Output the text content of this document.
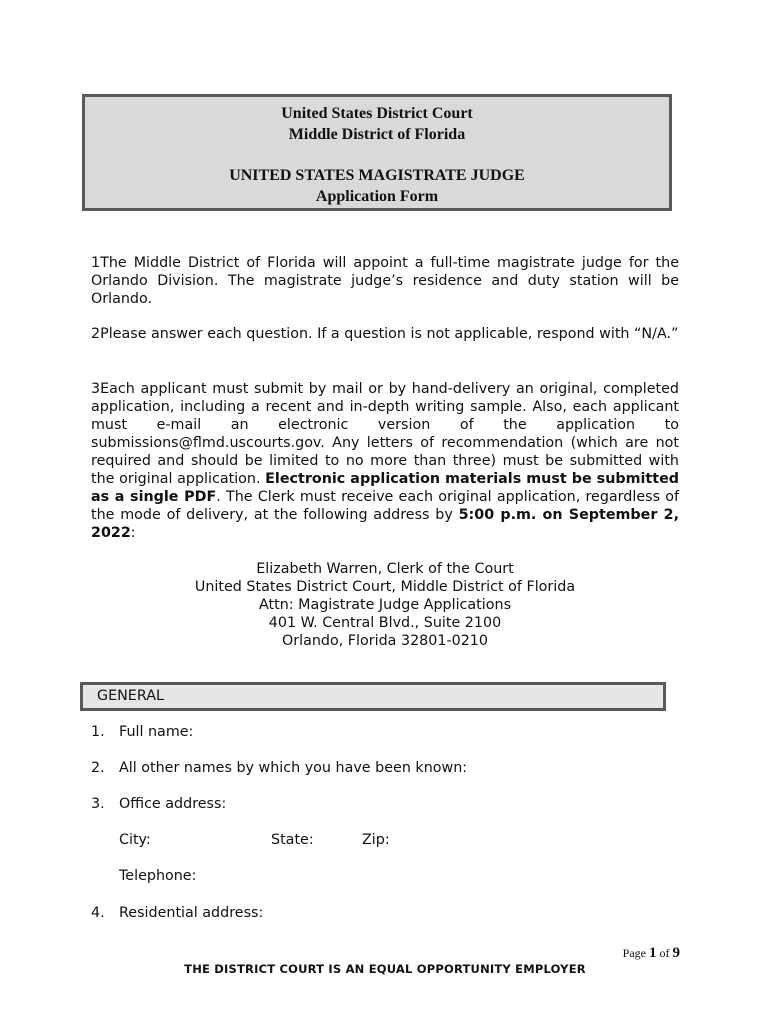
United States District Court
Middle District of Florida
UNITED STATES MAGISTRATE JUDGE
Application Form
1The Middle District of Florida will appoint a full-time magistrate judge for the Orlando Division. The magistrate judge’s residence and duty station will be Orlando.
2Please answer each question. If a question is not applicable, respond with “N/A.”
3Each applicant must submit by mail or by hand-delivery an original, completed application, including a recent and in-depth writing sample. Also, each applicant must e-mail an electronic version of the application to submissions@flmd.uscourts.gov. Any letters of recommendation (which are not required and should be limited to no more than three) must be submitted with the original application. Electronic application materials must be submitted as a single PDF. The Clerk must receive each original application, regardless of the mode of delivery, at the following address by 5:00 p.m. on September 2, 2022:
Elizabeth Warren, Clerk of the Court
United States District Court, Middle District of Florida
Attn: Magistrate Judge Applications
401 W. Central Blvd., Suite 2100
Orlando, Florida 32801-0210
GENERAL
1. Full name:
2. All other names by which you have been known:
3. Office address:
City:	State:	Zip:
Telephone:
4. Residential address:
Page 1 of 9
THE DISTRICT COURT IS AN EQUAL OPPORTUNITY EMPLOYER
